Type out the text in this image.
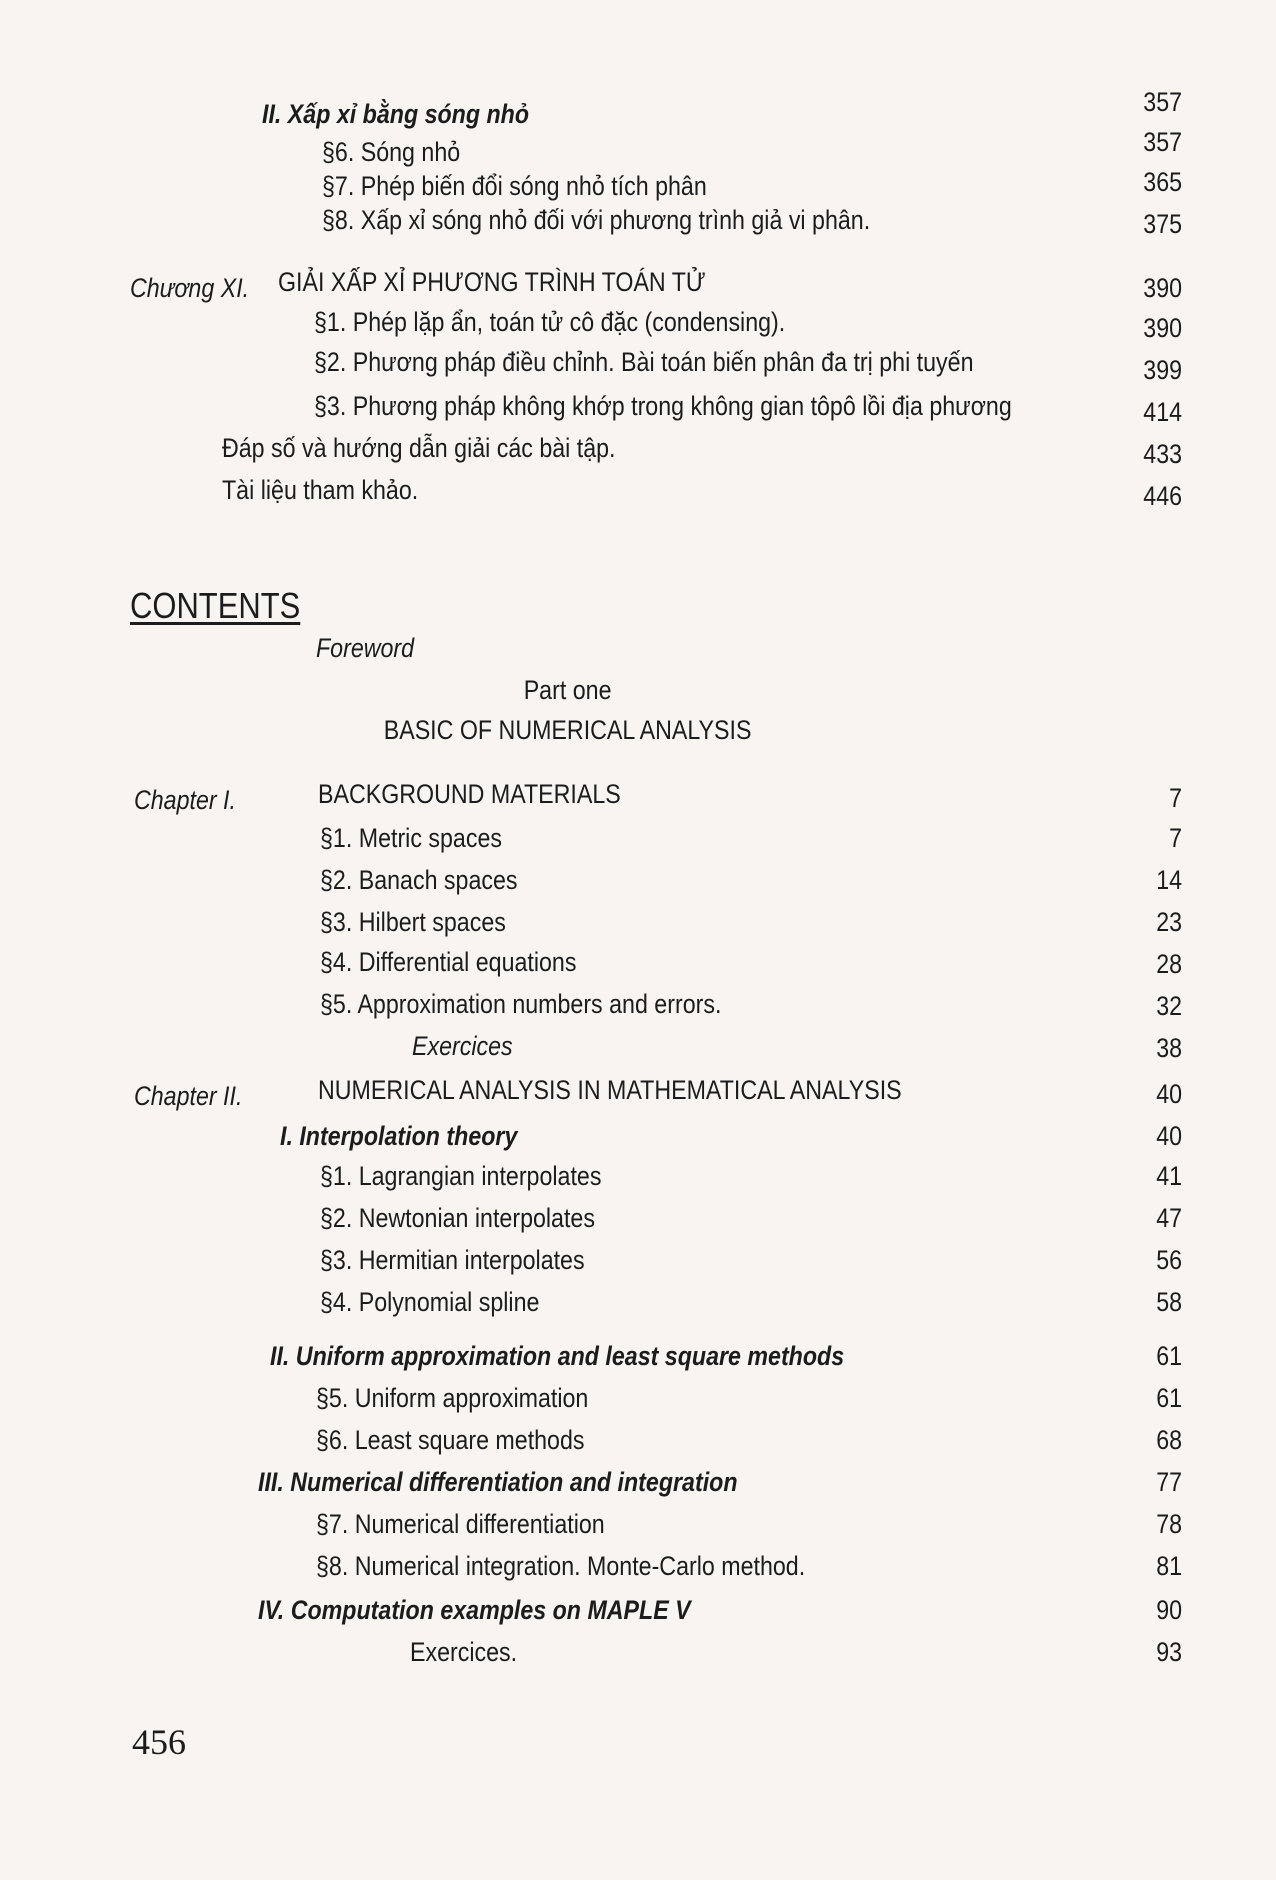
II. Xấp xỉ bằng sóng nhỏ	357
§6. Sóng nhỏ	357
§7. Phép biến đổi sóng nhỏ tích phân	365
§8. Xấp xỉ sóng nhỏ đối với phương trình giả vi phân.	375
Chương XI. GIẢI XẤP XỈ PHƯƠNG TRÌNH TOÁN TỬ	390
§1. Phép lặp ẩn, toán tử cô đặc (condensing).	390
§2. Phương pháp điều chỉnh. Bài toán biến phân đa trị phi tuyến	399
§3. Phương pháp không khớp trong không gian tôpô lồi địa phương	414
Đáp số và hướng dẫn giải các bài tập.	433
Tài liệu tham khảo.	446
CONTENTS
Foreword
Part one
BASIC OF NUMERICAL ANALYSIS
Chapter I.	BACKGROUND MATERIALS	7
§1. Metric spaces	7
§2. Banach spaces	14
§3. Hilbert spaces	23
§4. Differential equations	28
§5. Approximation numbers and errors.	32
Exercices	38
Chapter II.	NUMERICAL ANALYSIS IN MATHEMATICAL ANALYSIS	40
I. Interpolation theory	40
§1. Lagrangian interpolates	41
§2. Newtonian interpolates	47
§3. Hermitian interpolates	56
§4. Polynomial spline	58
II. Uniform approximation and least square methods	61
§5. Uniform approximation	61
§6. Least square methods	68
III. Numerical differentiation and integration	77
§7. Numerical differentiation	78
§8. Numerical integration. Monte-Carlo method.	81
IV. Computation examples on MAPLE V	90
Exercices.	93
456
